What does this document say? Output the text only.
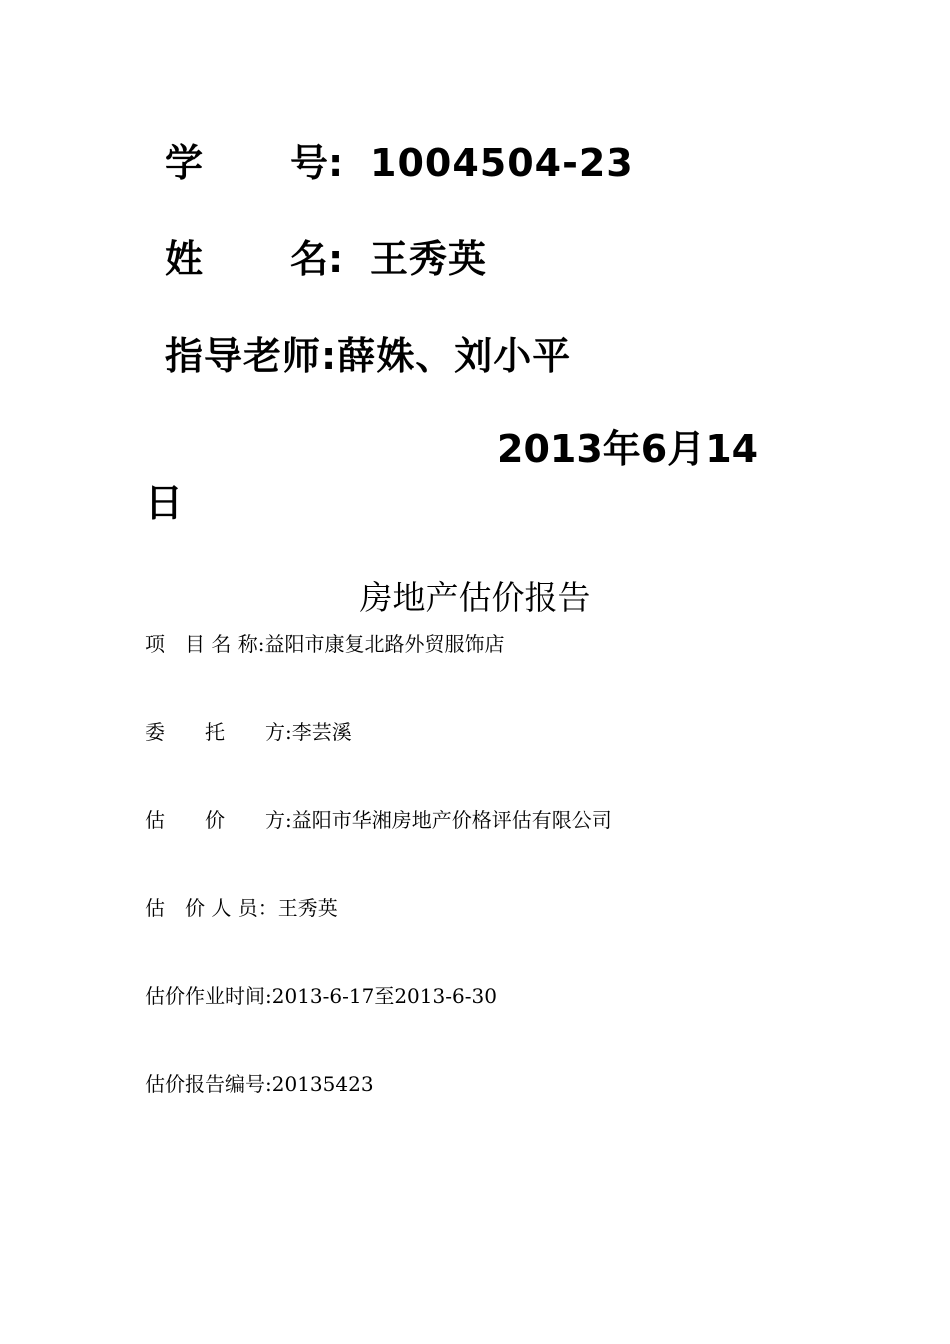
学 号: 1004504-23
姓 名: 王秀英
指导老师:薛姝、刘小平
2013年6月14
日
房地产估价报告
项　目 名 称:益阳市康复北路外贸服饰店
委　　托　　方:李芸溪
估　　价　　方:益阳市华湘房地产价格评估有限公司
估　价 人 员：王秀英
估价作业时间:2013-6-17至2013-6-30
估价报告编号:20135423
